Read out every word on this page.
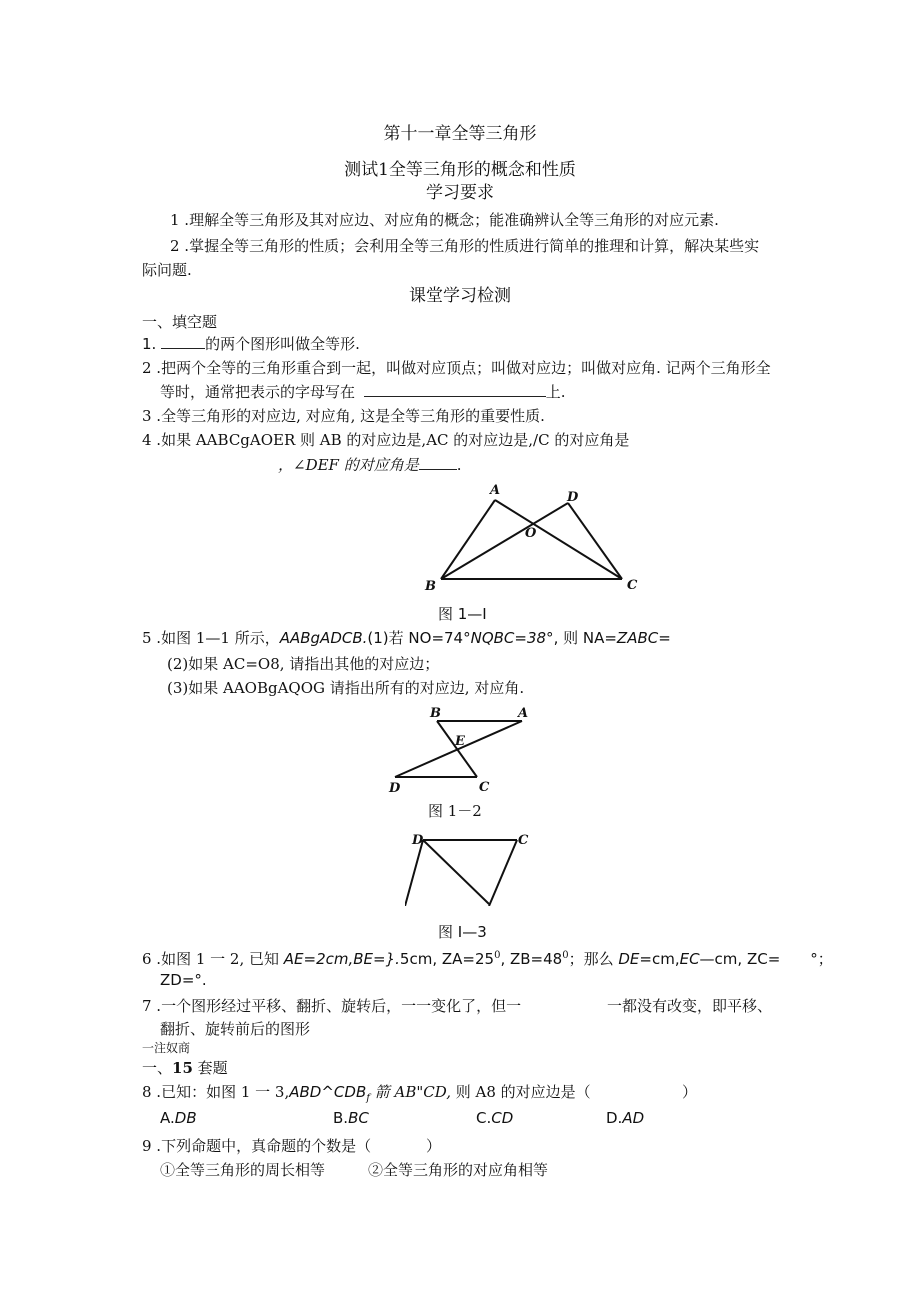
第十一章全等三角形
测试1全等三角形的概念和性质
学习要求
1 .理解全等三角形及其对应边、对应角的概念；能准确辨认全等三角形的对应元素.
2 .掌握全等三角形的性质；会利用全等三角形的性质进行简单的推理和计算，解决某些实
际问题.
课堂学习检测
一、填空题
1.	的两个图形叫做全等形.
2 .把两个全等的三角形重合到一起，叫做对应顶点；叫做对应边；叫做对应角. 记两个三角形全
等时，通常把表示的字母写在	上.
3 .全等三角形的对应边, 对应角, 这是全等三角形的重要性质.
4 .如果 AABCgAOER 则 AB 的对应边是,AC 的对应边是,/C 的对应角是
，∠DEF 的对应角是	.
A	D
O
B	C
图 1—I
5 .如图 1—1 所示，AABgADCB.(1)若 NO=74°NQBC=38°, 则 NA=ZABC=
(2)如果 AC=O8, 请指出其他的对应边；
(3)如果 AAOBgAQOG 请指出所有的对应边, 对应角.
B	A
E
D	C
图 1－2
D	C
图 I—3
6 .如图 1 一 2, 已知 AE=2cm,BE=}.5cm, $ZA=25^0$, $ZB=48^0$；那么 DE=cm,EC—cm, ZC=　　°；
ZD=°.
7 .一个图形经过平移、翻折、旋转后，一一变化了，但一	一都没有改变，即平移、
翻折、旋转前后的图形
一注奴商
一、15 套题
8 .已知：如图 1 一 $3,ABD\^{}CDB_f$ 箭 AB"CD, 则 A8 的对应边是（	）
A.DB	B.BC	C.CD	D.AD
9 .下列命题中，真命题的个数是（	）
①全等三角形的周长相等	②全等三角形的对应角相等
